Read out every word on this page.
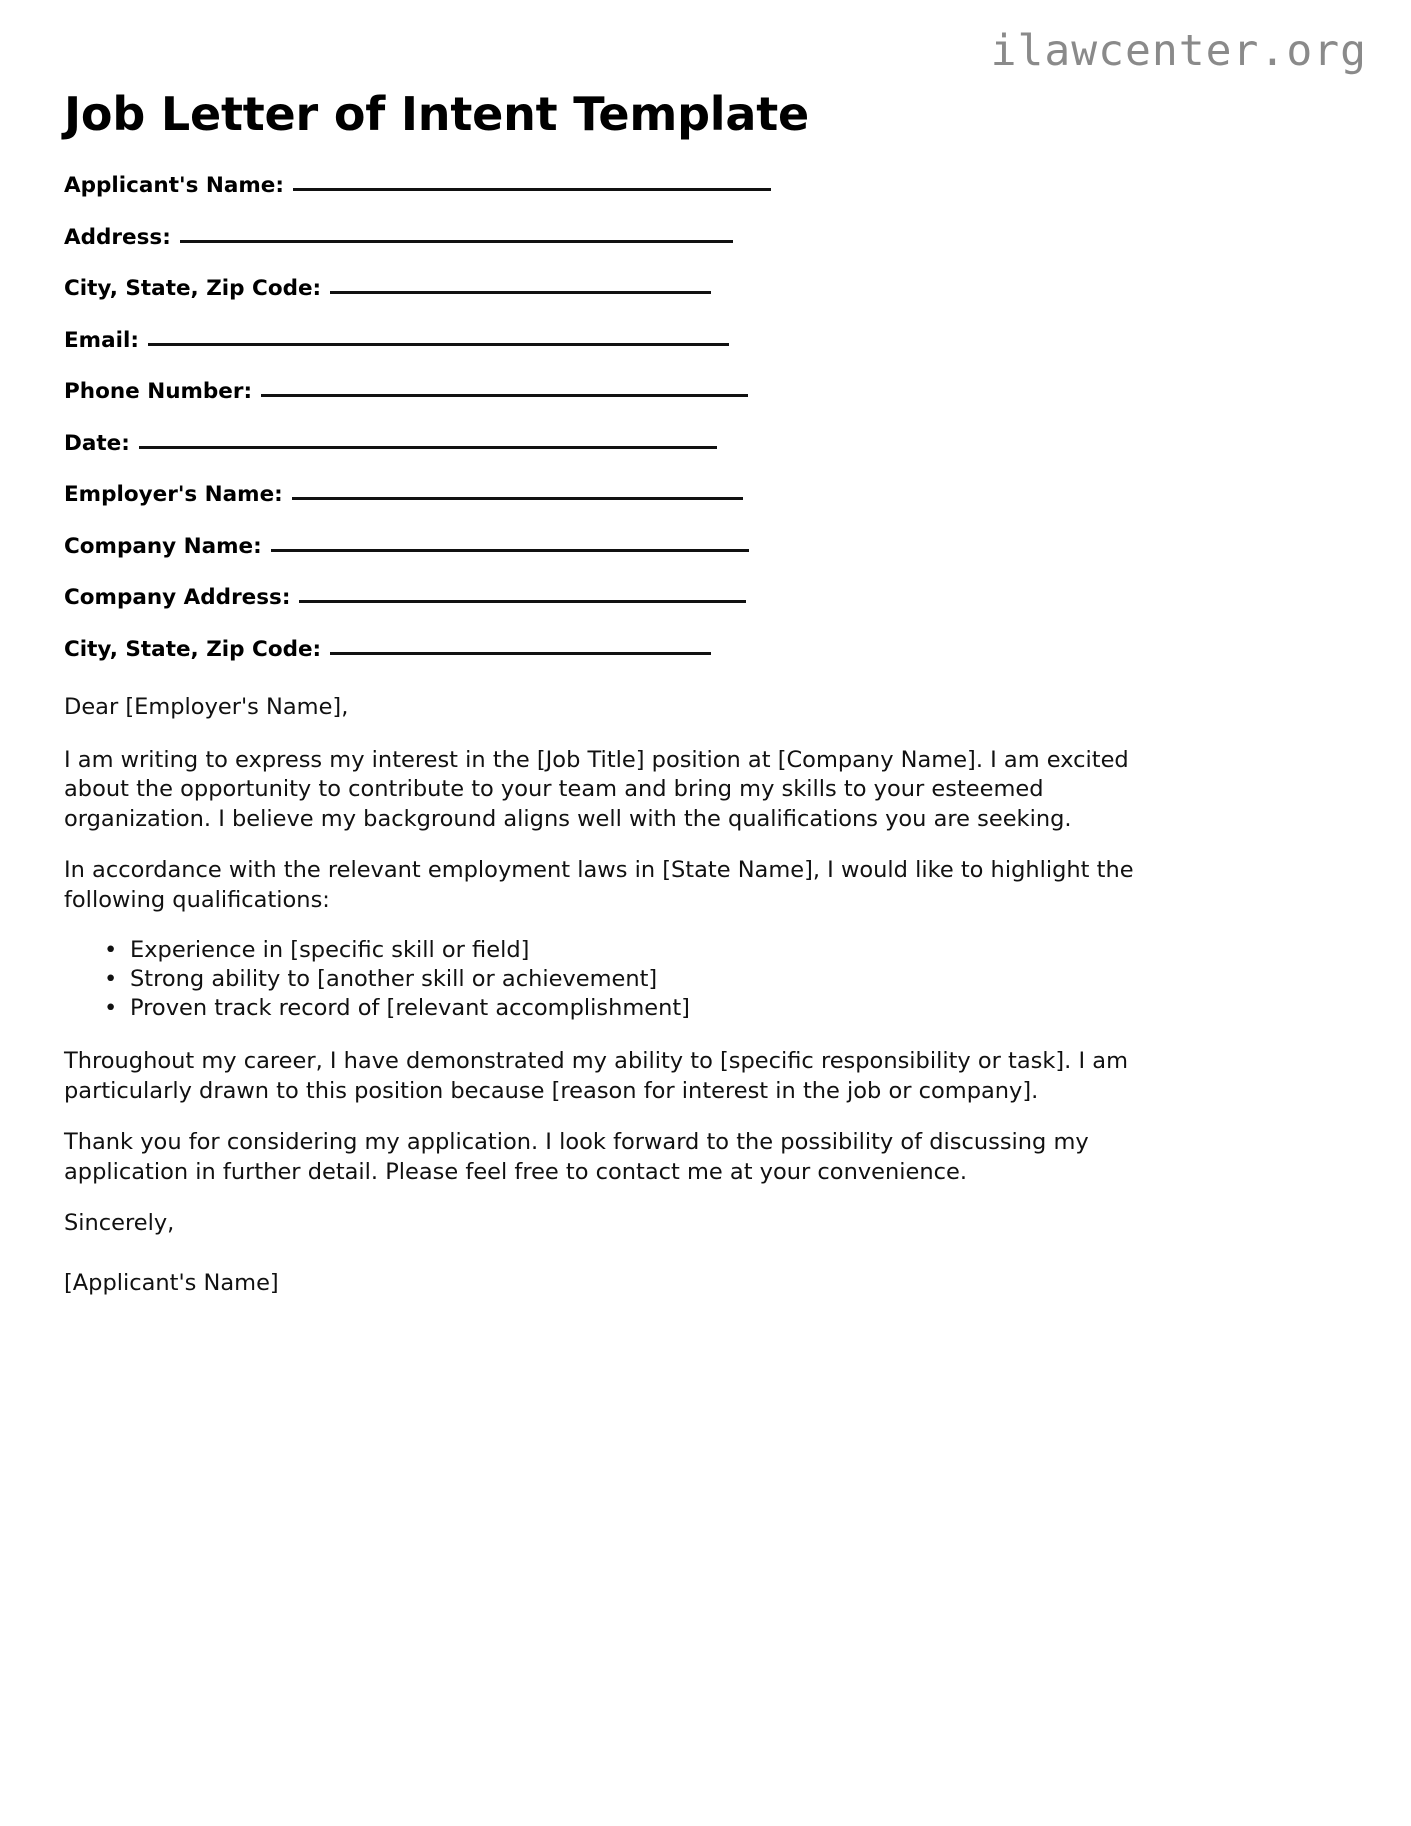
ilawcenter.org
Job Letter of Intent Template
Applicant's Name:
Address:
City, State, Zip Code:
Email:
Phone Number:
Date:
Employer's Name:
Company Name:
Company Address:
City, State, Zip Code:

Dear [Employer's Name],

I am writing to express my interest in the [Job Title] position at [Company Name]. I am excited about the opportunity to contribute to your team and bring my skills to your esteemed organization. I believe my background aligns well with the qualifications you are seeking.

In accordance with the relevant employment laws in [State Name], I would like to highlight the following qualifications:

• Experience in [specific skill or field]
• Strong ability to [another skill or achievement]
• Proven track record of [relevant accomplishment]

Throughout my career, I have demonstrated my ability to [specific responsibility or task]. I am particularly drawn to this position because [reason for interest in the job or company].

Thank you for considering my application. I look forward to the possibility of discussing my application in further detail. Please feel free to contact me at your convenience.

Sincerely,

[Applicant's Name]
